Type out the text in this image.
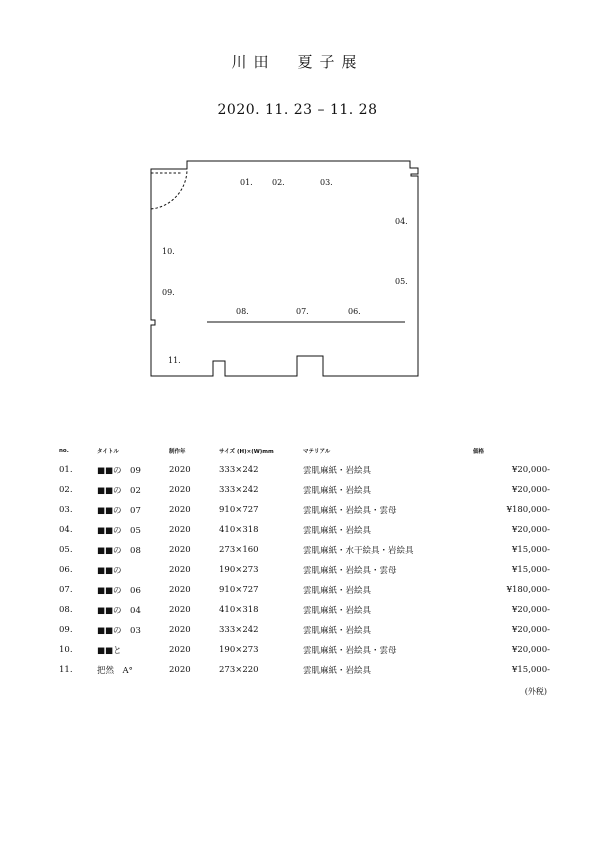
川田　夏子展
2020. 11. 23 – 11. 28
01. 02.	03.
04.
05.
06.
07.
08.
09.
10.
11.
no.	タイトル	制作年	サイズ (H)×(W)mm	マテリアル	価格
01.	■■の　09	2020	333×242	雲肌麻紙・岩絵具	¥20,000-
02.	■■の　02	2020	333×242	雲肌麻紙・岩絵具	¥20,000-
03.	■■の　07	2020	910×727	雲肌麻紙・岩絵具・雲母	¥180,000-
04.	■■の　05	2020	410×318	雲肌麻紙・岩絵具	¥20,000-
05.	■■の　08	2020	273×160	雲肌麻紙・水干絵具・岩絵具	¥15,000-
06.	■■の	2020	190×273	雲肌麻紙・岩絵具・雲母	¥15,000-
07.	■■の　06	2020	910×727	雲肌麻紙・岩絵具	¥180,000-
08.	■■の　04	2020	410×318	雲肌麻紙・岩絵具	¥20,000-
09.	■■の　03	2020	333×242	雲肌麻紙・岩絵具	¥20,000-
10.	■■と	2020	190×273	雲肌麻紙・岩絵具・雲母	¥20,000-
11.	把然　A°	2020	273×220	雲肌麻紙・岩絵具	¥15,000-
(外税)
